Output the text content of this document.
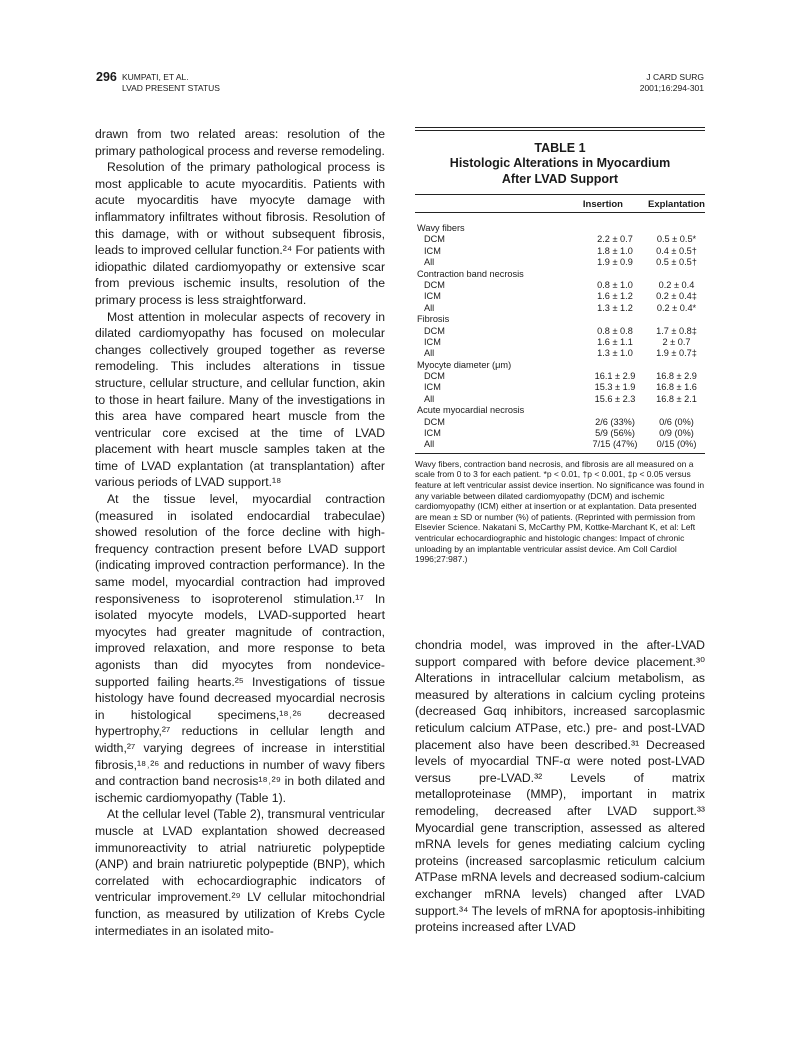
296 KUMPATI, ET AL.
LVAD PRESENT STATUS
J CARD SURG
2001;16:294-301

drawn from two related areas: resolution of the primary pathological process and reverse remodeling.

Resolution of the primary pathological process is most applicable to acute myocarditis. Patients with acute myocarditis have myocyte damage with inflammatory infiltrates without fibrosis. Resolution of this damage, with or without subsequent fibrosis, leads to improved cellular function.²⁴ For patients with idiopathic dilated cardiomyopathy or extensive scar from previous ischemic insults, resolution of the primary process is less straightforward.

Most attention in molecular aspects of recovery in dilated cardiomyopathy has focused on molecular changes collectively grouped together as reverse remodeling. This includes alterations in tissue structure, cellular structure, and cellular function, akin to those in heart failure. Many of the investigations in this area have compared heart muscle from the ventricular core excised at the time of LVAD placement with heart muscle samples taken at the time of LVAD explantation (at transplantation) after various periods of LVAD support.¹⁸

At the tissue level, myocardial contraction (measured in isolated endocardial trabeculae) showed resolution of the force decline with high-frequency contraction present before LVAD support (indicating improved contraction performance). In the same model, myocardial contraction had improved responsiveness to isoproterenol stimulation.¹⁷ In isolated myocyte models, LVAD-supported heart myocytes had greater magnitude of contraction, improved relaxation, and more response to beta agonists than did myocytes from nondevice-supported failing hearts.²⁵ Investigations of tissue histology have found decreased myocardial necrosis in histological specimens,¹⁸˒²⁶ decreased hypertrophy,²⁷ reductions in cellular length and width,²⁷ varying degrees of increase in interstitial fibrosis,¹⁸˒²⁶ and reductions in number of wavy fibers and contraction band necrosis¹⁸˒²⁹ in both dilated and ischemic cardiomyopathy (Table 1).

At the cellular level (Table 2), transmural ventricular muscle at LVAD explantation showed decreased immunoreactivity to atrial natriuretic polypeptide (ANP) and brain natriuretic polypeptide (BNP), which correlated with echocardiographic indicators of ventricular improvement.²⁹ LV cellular mitochondrial function, as measured by utilization of Krebs Cycle intermediates in an isolated mito-

TABLE 1
Histologic Alterations in Myocardium
After LVAD Support
Insertion	Explantation
Wavy fibers
DCM	2.2 ± 0.7	0.5 ± 0.5*
ICM	1.8 ± 1.0	0.4 ± 0.5†
All	1.9 ± 0.9	0.5 ± 0.5†
Contraction band necrosis
DCM	0.8 ± 1.0	0.2 ± 0.4
ICM	1.6 ± 1.2	0.2 ± 0.4‡
All	1.3 ± 1.2	0.2 ± 0.4*
Fibrosis
DCM	0.8 ± 0.8	1.7 ± 0.8‡
ICM	1.6 ± 1.1	2 ± 0.7
All	1.3 ± 1.0	1.9 ± 0.7‡
Myocyte diameter (μm)
DCM	16.1 ± 2.9	16.8 ± 2.9
ICM	15.3 ± 1.9	16.8 ± 1.6
All	15.6 ± 2.3	16.8 ± 2.1
Acute myocardial necrosis
DCM	2/6 (33%)	0/6 (0%)
ICM	5/9 (56%)	0/9 (0%)
All	7/15 (47%)	0/15 (0%)
Wavy fibers, contraction band necrosis, and fibrosis are all measured on a scale from 0 to 3 for each patient. *p < 0.01, †p < 0.001, ‡p < 0.05 versus feature at left ventricular assist device insertion. No significance was found in any variable between dilated cardiomyopathy (DCM) and ischemic cardiomyopathy (ICM) either at insertion or at explantation. Data presented are mean ± SD or number (%) of patients. (Reprinted with permission from Elsevier Science. Nakatani S, McCarthy PM, Kottke-Marchant K, et al: Left ventricular echocardiographic and histologic changes: Impact of chronic unloading by an implantable ventricular assist device. Am Coll Cardiol 1996;27:987.)

chondria model, was improved in the after-LVAD support compared with before device placement.³⁰ Alterations in intracellular calcium metabolism, as measured by alterations in calcium cycling proteins (decreased Gαq inhibitors, increased sarcoplasmic reticulum calcium ATPase, etc.) pre- and post-LVAD placement also have been described.³¹ Decreased levels of myocardial TNF-α were noted post-LVAD versus pre-LVAD.³² Levels of matrix metalloproteinase (MMP), important in matrix remodeling, decreased after LVAD support.³³ Myocardial gene transcription, assessed as altered mRNA levels for genes mediating calcium cycling proteins (increased sarcoplasmic reticulum calcium ATPase mRNA levels and decreased sodium-calcium exchanger mRNA levels) changed after LVAD support.³⁴ The levels of mRNA for apoptosis-inhibiting proteins increased after LVAD
